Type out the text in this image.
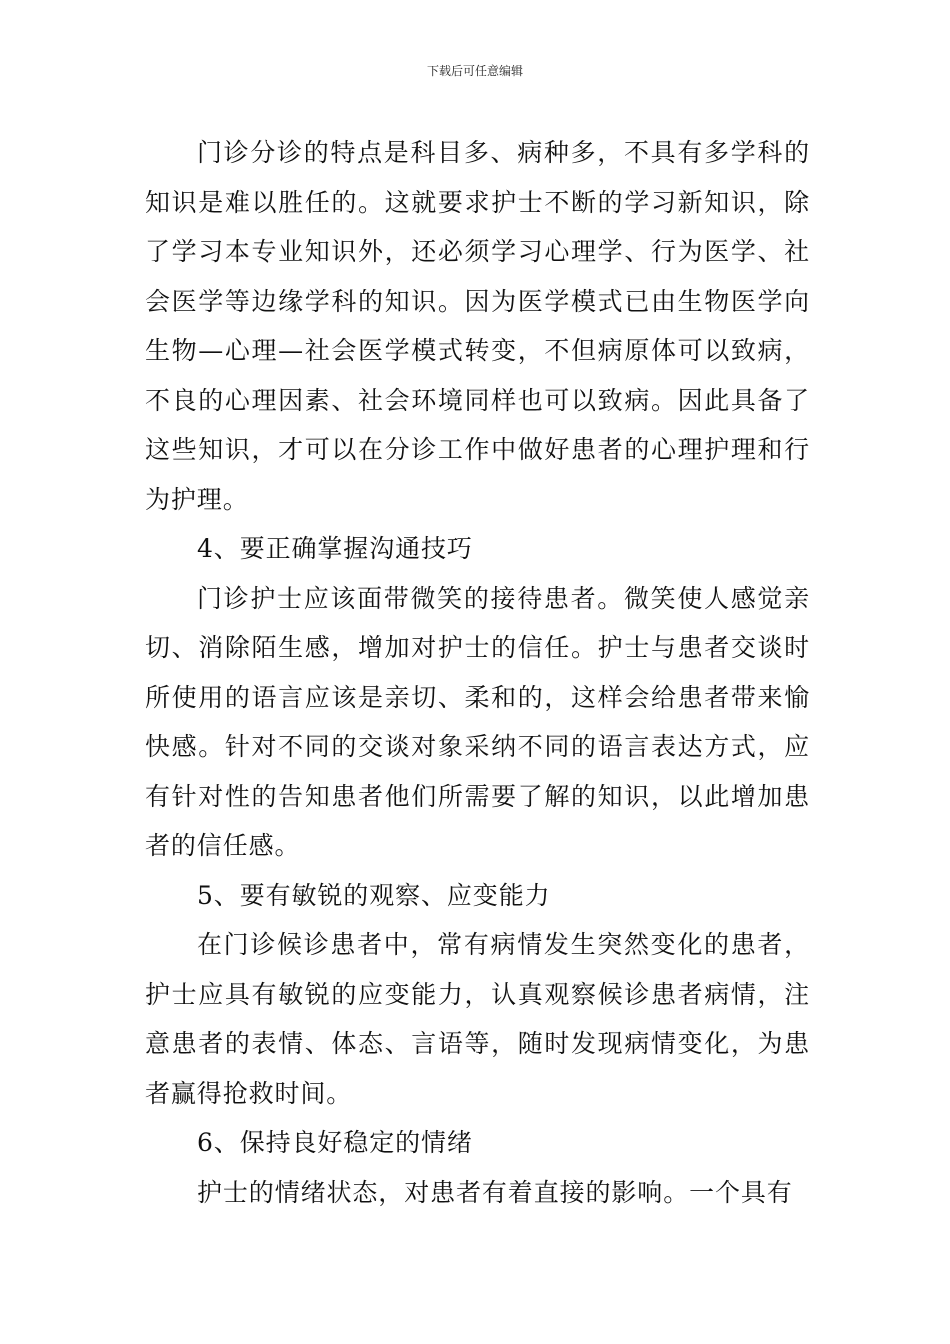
下载后可任意编辑

门诊分诊的特点是科目多、病种多，不具有多学科的知识是难以胜任的。这就要求护士不断的学习新知识，除了学习本专业知识外，还必须学习心理学、行为医学、社会医学等边缘学科的知识。因为医学模式已由生物医学向生物—心理—社会医学模式转变，不但病原体可以致病，不良的心理因素、社会环境同样也可以致病。因此具备了这些知识，才可以在分诊工作中做好患者的心理护理和行为护理。

4、要正确掌握沟通技巧

门诊护士应该面带微笑的接待患者。微笑使人感觉亲切、消除陌生感，增加对护士的信任。护士与患者交谈时所使用的语言应该是亲切、柔和的，这样会给患者带来愉快感。针对不同的交谈对象采纳不同的语言表达方式，应有针对性的告知患者他们所需要了解的知识，以此增加患者的信任感。

5、要有敏锐的观察、应变能力

在门诊候诊患者中，常有病情发生突然变化的患者，护士应具有敏锐的应变能力，认真观察候诊患者病情，注意患者的表情、体态、言语等，随时发现病情变化，为患者赢得抢救时间。

6、保持良好稳定的情绪

护士的情绪状态，对患者有着直接的影响。一个具有
